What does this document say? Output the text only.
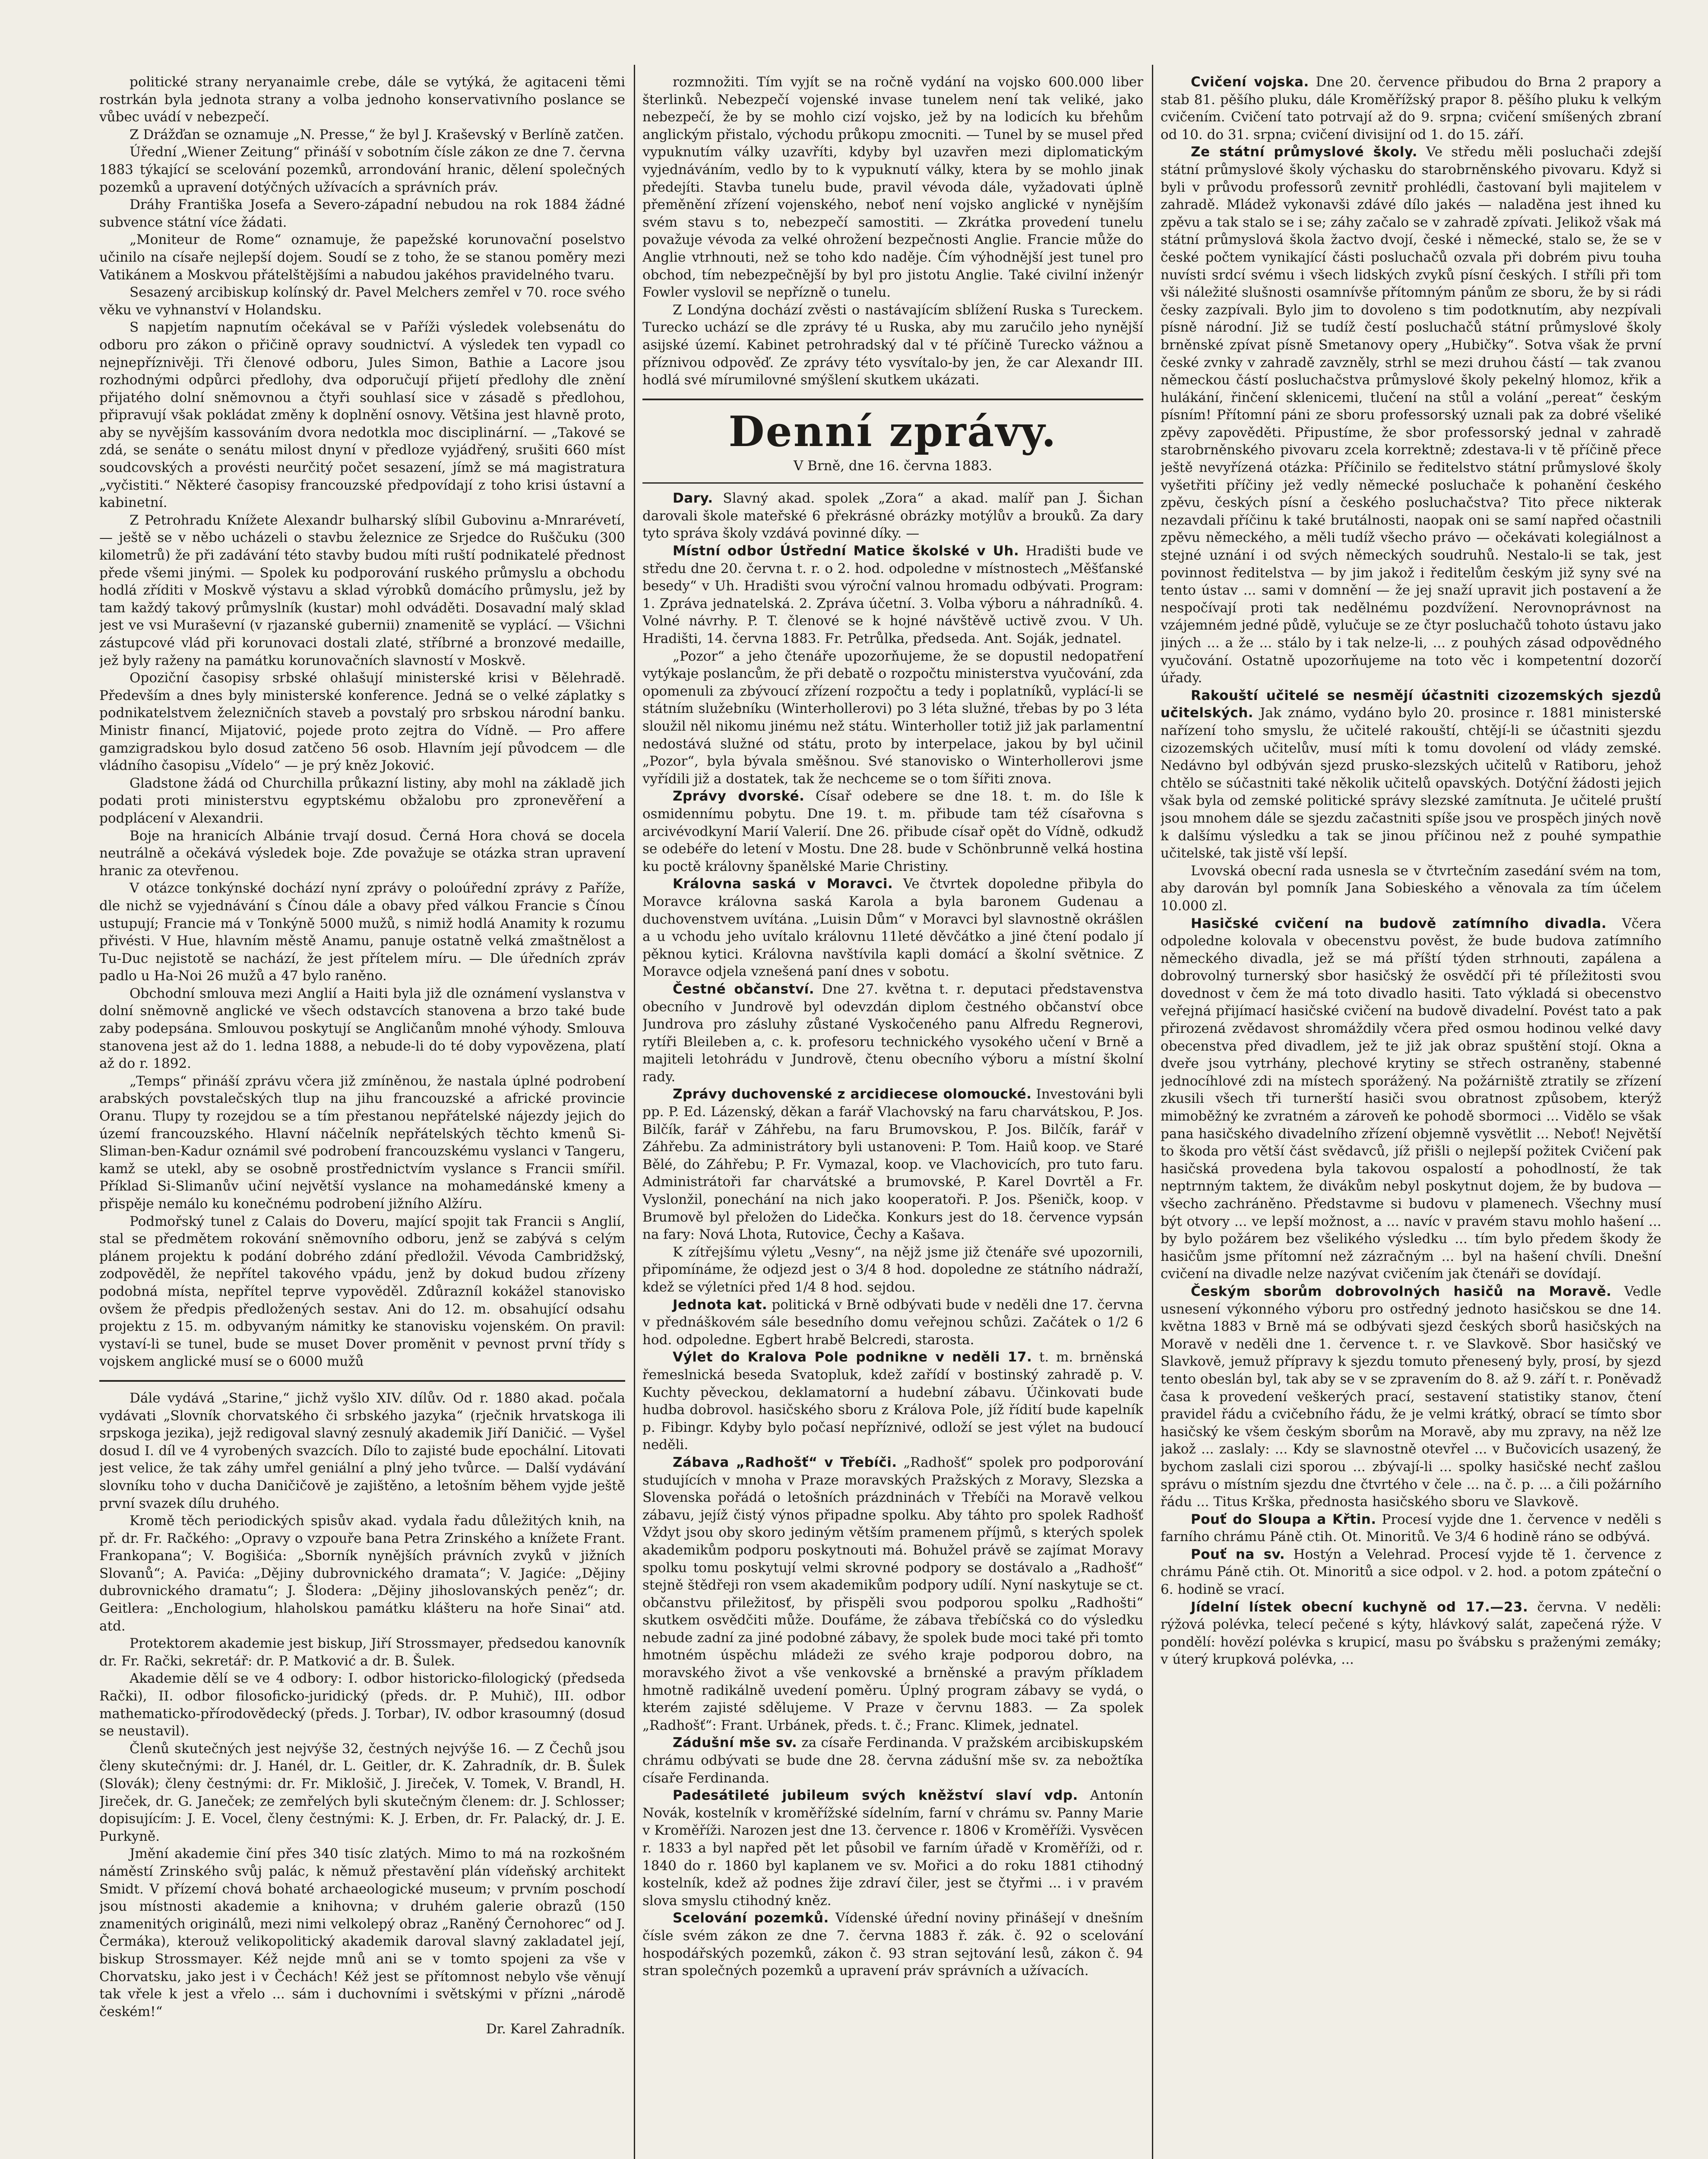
politické strany neryanaimle crebe, dále se vytýká, že agitaceni těmi rostrkán byla jednota strany a volba jednoho konservativního poslance se vůbec uvádí v nebezpečí.

Z Drážďan se oznamuje „N. Presse,“ že byl J. Kraševský v Berlíně zatčen.

Úřední „Wiener Zeitung“ přináší v sobotním čísle zákon ze dne 7. června 1883 týkající se scelování pozemků, arrondování hranic, dělení společných pozemků a upravení dotýčných užívacích a správních práv.

Dráhy Františka Josefa a Severo-západní nebudou na rok 1884 žádné subvence státní více žádati.

„Moniteur de Rome“ oznamuje, že papežské korunovační poselstvo učinilo na císaře nejlepší dojem. Soudí se z toho, že se stanou poměry mezi Vatikánem a Moskvou přátelštějšími a nabudou jakéhos pravidelného tvaru.

Sesazený arcibiskup kolínský dr. Pavel Melchers zemřel v 70. roce svého věku ve vyhnanství v Holandsku.

S napjetím napnutím očekával se v Paříži výsledek volebsenátu do odboru pro zákon o přičině opravy soudnictví. A výsledek ten vypadl co nejnepříznivěji. Tři členové odboru, Jules Simon, Bathie a Lacore jsou rozhodnými odpůrci předlohy, dva odporučují přijetí předlohy dle znění přijatého dolní sněmovnou a čtyři souhlasí sice v zásadě s předlohou, připravují však pokládat změny k doplnění osnovy. Většina jest hlavně proto, aby se nyvějším kassováním dvora nedotkla moc disciplinární. — „Takové se zdá, se senáte o senátu milost dnyní v předloze vyjádřený, srušiti 660 míst soudcovských a provésti neurčitý počet sesazení, jímž se má magistratura „vyčistiti.“ Některé časopisy francouzské předpovídají z toho krisi ústavní a kabinetní.

Z Petrohradu Knížete Alexandr bulharský slíbil Gubovinu a-Mnrarévetí, — ještě se v něbo ucházeli o stavbu železnice ze Srjedce do Ruščuku (300 kilometrů) že při zadávání této stavby budou míti ruští podnikatelé přednost přede všemi jinými. — Spolek ku podporování ruského průmyslu a obchodu hodlá zříditi v Moskvě výstavu a sklad výrobků domácího průmyslu, jež by tam každý takový průmyslník (kustar) mohl odváděti. Dosavadní malý sklad jest ve vsi Muraševní (v rjazanské gubernii) znamenitě se vyplácí. — Všichni zástupcové vlád při korunovaci dostali zlaté, stříbrné a bronzové medaille, jež byly raženy na památku korunovačních slavností v Moskvě.

Opoziční časopisy srbské ohlašují ministerské krisi v Bělehradě. Především a dnes byly ministerské konference. Jedná se o velké záplatky s podnikatelstvem železničních staveb a povstalý pro srbskou národní banku. Ministr financí, Mijatović, pojede proto zejtra do Vídně. — Pro affere gamzigradskou bylo dosud zatčeno 56 osob. Hlavním její původcem — dle vládního časopisu „Vídelo“ — je prý kněz Joković.

Gladstone žádá od Churchilla průkazní listiny, aby mohl na základě jich podati proti ministerstvu egyptskému obžalobu pro zpronevěření a podplácení v Alexandrii.

Boje na hranicích Albánie trvají dosud. Černá Hora chová se docela neutrálně a očekává výsledek boje. Zde považuje se otázka stran upravení hranic za otevřenou.

V otázce tonkýnské dochází nyní zprávy o poloúřední zprávy z Paříže, dle nichž se vyjednávání s Čínou dále a obavy před válkou Francie s Čínou ustupují; Francie má v Tonkýně 5000 mužů, s nimiž hodlá Anamity k rozumu přivésti. V Hue, hlavním městě Anamu, panuje ostatně velká zmaštnělost a Tu-Duc nejistotě se nachází, že jest přítelem míru. — Dle úředních zpráv padlo u Ha-Noi 26 mužů a 47 bylo raněno.

Obchodní smlouva mezi Anglií a Haiti byla již dle oznámení vyslanstva v dolní sněmovně anglické ve všech odstavcích stanovena a brzo také bude zaby podepsána. Smlouvou poskytují se Angličanům mnohé výhody. Smlouva stanovena jest až do 1. ledna 1888, a nebude-li do té doby vypovězena, platí až do r. 1892.

„Temps“ přináší zprávu včera již zmíněnou, že nastala úplné podrobení arabských povstalečských tlup na jihu francouzské a africké provincie Oranu. Tlupy ty rozejdou se a tím přestanou nepřátelské nájezdy jejich do území francouzského. Hlavní náčelník nepřátelských těchto kmenů Si-Sliman-ben-Kadur oznámil své podrobení francouzskému vyslanci v Tangeru, kamž se utekl, aby se osobně prostřednictvím vyslance s Francii smířil. Příklad Si-Slimanův učiní největší vyslance na mohamedánské kmeny a přispěje nemálo ku konečnému podrobení jižního Alžíru.

Podmořský tunel z Calais do Doveru, mající spojit tak Francii s Anglií, stal se předmětem rokování sněmovního odboru, jenž se zabývá s celým plánem projektu k podání dobrého zdání předložil. Vévoda Cambridžský, zodpověděl, že nepřítel takového vpádu, jenž by dokud budou zřízeny podobná místa, nepřítel teprve vypověděl. Zdůrazníl kokážel stanovisko ovšem že předpis předložených sestav. Ani do 12. m. obsahující odsahu projektu z 15. m. odbyvaným námitky ke stanovisku vojenském. On pravil: vystaví-li se tunel, bude se muset Dover proměnit v pevnost první třídy s vojskem anglické musí se o 6000 mužů

Dále vydává „Starine,“ jichž vyšlo XIV. dílův. Od r. 1880 akad. počala vydávati „Slovník chorvatského či srbského jazyka“ (rječnik hrvatskoga ili srpskoga jezika), jejž redigoval slavný zesnulý akademik Jiří Daničić. — Vyšel dosud I. díl ve 4 vyrobených svazcích. Dílo to zajisté bude epochální. Litovati jest velice, že tak záhy umřel geniální a plný jeho tvůrce. — Další vydávání slovníku toho v ducha Daničičově je zajištěno, a letošním během vyjde ještě první svazek dílu druhého.

Kromě těch periodických spisův akad. vydala řadu důležitých knih, na př. dr. Fr. Račkého: „Opravy o vzpouře bana Petra Zrinského a knížete Frant. Frankopana“; V. Bogišića: „Sborník nynějších právních zvyků v jižních Slovanů“; A. Pavića: „Dějiny dubrovnického dramata“; V. Jagiće: „Dějiny dubrovnického dramatu“; J. Šlodera: „Dějiny jihoslovanských peněz“; dr. Geitlera: „Enchologium, hlaholskou památku klášteru na hoře Sinai“ atd. atd.

Protektorem akademie jest biskup, Jiří Strossmayer, předsedou kanovník dr. Fr. Rački, sekretář: dr. P. Matković a dr. B. Šulek.

Akademie dělí se ve 4 odbory: I. odbor historicko-filologický (předseda Rački), II. odbor filosoficko-juridický (předs. dr. P. Muhič), III. odbor mathematicko-přírodovědecký (předs. J. Torbar), IV. odbor krasoumný (dosud se neustavil).

Členů skutečných jest nejvýše 32, čestných nejvýše 16. — Z Čechů jsou členy skutečnými: dr. J. Hanél, dr. L. Geitler, dr. K. Zahradník, dr. B. Šulek (Slovák); členy čestnými: dr. Fr. Miklošič, J. Jireček, V. Tomek, V. Brandl, H. Jireček, dr. G. Janeček; ze zemřelých byli skutečným členem: dr. J. Schlosser; dopisujícím: J. E. Vocel, členy čestnými: K. J. Erben, dr. Fr. Palacký, dr. J. E. Purkyně.

Jmění akademie činí přes 340 tisíc zlatých. Mimo to má na rozkošném náměstí Zrinského svůj palác, k němuž přestavění plán vídeňský architekt Smidt. V přízemí chová bohaté archaeologické museum; v prvním poschodí jsou místnosti akademie a knihovna; v druhém galerie obrazů (150 znamenitých originálů, mezi nimi velkolepý obraz „Raněný Černohorec“ od J. Čermáka), kterouž velikopolitický akademik daroval slavný zakladatel její, biskup Strossmayer. Kéž nejde mnů ani se v tomto spojeni za vše v Chorvatsku, jako jest i v Čechách! Kéž jest se přítomnost nebylo vše věnují tak vřele k jest a vřelo ... sám i duchovními i světskými v přízni „národě českém!“

Dr. Karel Zahradník.

rozmnožiti. Tím vyjít se na ročně vydání na vojsko 600.000 liber šterlinků. Nebezpečí vojenské invase tunelem není tak veliké, jako nebezpečí, že by se mohlo cizí vojsko, jež by na lodicích ku břehům anglickým přistalo, východu průkopu zmocniti. — Tunel by se musel před vypuknutím války uzavříti, kdyby byl uzavřen mezi diplomatickým vyjednáváním, vedlo by to k vypuknutí války, ktera by se mohlo jinak předejíti. Stavba tunelu bude, pravil vévoda dále, vyžadovati úplně přeměnění zřízení vojenského, neboť není vojsko anglické v nynějším svém stavu s to, nebezpečí samostiti. — Zkrátka provedení tunelu považuje vévoda za velké ohrožení bezpečnosti Anglie. Francie může do Anglie vtrhnouti, než se toho kdo naděje. Čím výhodnější jest tunel pro obchod, tím nebezpečnější by byl pro jistotu Anglie. Také civilní inženýr Fowler vyslovil se nepřízně o tunelu.

Z Londýna dochází zvěsti o nastávajícím sblížení Ruska s Tureckem. Turecko uchází se dle zprávy té u Ruska, aby mu zaručilo jeho nynější asijské území. Kabinet petrohradský dal v té příčině Turecko vážnou a příznivou odpověď. Ze zprávy této vysvítalo-by jen, že car Alexandr III. hodlá své mírumilovné smýšlení skutkem ukázati.

Denní zprávy.
V Brně, dne 16. června 1883.

Dary. Slavný akad. spolek „Zora“ a akad. malíř pan J. Šichan darovali škole mateřské 6 překrásné obrázky motýlův a brouků. Za dary tyto správa školy vzdává povinné díky. —

Místní odbor Ústřední Matice školské v Uh. Hradišti bude ve středu dne 20. června t. r. o 2. hod. odpoledne v místnostech „Měšťanské besedy“ v Uh. Hradišti svou výroční valnou hromadu odbývati. Program: 1. Zpráva jednatelská. 2. Zpráva účetní. 3. Volba výboru a náhradníků. 4. Volné návrhy. P. T. členové se k hojné návštěvě uctivě zvou. V Uh. Hradišti, 14. června 1883. Fr. Petrůlka, předseda. Ant. Soják, jednatel.

„Pozor“ a jeho čtenáře upozorňujeme, že se dopustil nedopatření vytýkaje poslancům, že při debatě o rozpočtu ministerstva vyučování, zda opomenuli za zbývoucí zřízení rozpočtu a tedy i poplatníků, vyplácí-li se státním služebníku (Winterhollerovi) po 3 léta služné, třebas by po 3 léta sloužil něl nikomu jinému než státu. Winterholler totiž již jak parlamentní nedostává služné od státu, proto by interpelace, jakou by byl učinil „Pozor“, byla bývala směšnou. Své stanovisko o Winterhollerovi jsme vyřídili již a dostatek, tak že nechceme se o tom šířiti znova.

Zprávy dvorské. Císař odebere se dne 18. t. m. do Išle k osmidennímu pobytu. Dne 19. t. m. přibude tam též císařovna s arcivévodkyní Marií Valerií. Dne 26. přibude císař opět do Vídně, odkudž se odebéře do letení v Mostu. Dne 28. bude v Schönbrunně velká hostina ku poctě královny španělské Marie Christiny.

Královna saská v Moravci. Ve čtvrtek dopoledne přibyla do Moravce královna saská Karola a byla baronem Gudenau a duchovenstvem uvítána. „Luisin Dům“ v Moravci byl slavnostně okrášlen a u vchodu jeho uvítalo královnu 11leté děvčátko a jiné čtení podalo jí pěknou kytici. Královna navštívila kapli domácí a školní světnice. Z Moravce odjela vznešená paní dnes v sobotu.

Čestné občanství. Dne 27. května t. r. deputaci představenstva obecního v Jundrově byl odevzdán diplom čestného občanství obce Jundrova pro zásluhy zůstané Vyskočeného panu Alfredu Regnerovi, rytíři Bleileben a, c. k. profesoru technického vysokého učení v Brně a majiteli letohrádu v Jundrově, čtenu obecního výboru a místní školní rady.

Zprávy duchovenské z arcidiecese olomoucké. Investováni byli pp. P. Ed. Lázenský, děkan a farář Vlachovský na faru charvátskou, P. Jos. Bilčík, farář v Záhřebu, na faru Brumovskou, P. Jos. Bilčík, farář v Záhřebu. Za administrátory byli ustanoveni: P. Tom. Haiů koop. ve Staré Bělé, do Záhřebu; P. Fr. Vymazal, koop. ve Vlachovicích, pro tuto faru. Administrátoři far charvátské a brumovské, P. Karel Dovrtěl a Fr. Vyslonžil, ponechání na nich jako kooperatoři. P. Jos. Pšeničk, koop. v Brumově byl přeložen do Lidečka. Konkurs jest do 18. července vypsán na fary: Nová Lhota, Rutovice, Čechy a Kašava.

K zítřejšímu výletu „Vesny“, na nějž jsme již čtenáře své upozornili, připomínáme, že odjezd jest o 3/4 8 hod. dopoledne ze státního nádraží, kdež se výletníci před 1/4 8 hod. sejdou.

Jednota kat. politická v Brně odbývati bude v neděli dne 17. června v přednáškovém sále besedního domu veřejnou schůzi. Začátek o 1/2 6 hod. odpoledne. Egbert hrabě Belcredi, starosta.

Výlet do Kralova Pole podnikne v neděli 17. t. m. brněnská řemeslnická beseda Svatopluk, kdež zařídí v bostinský zahradě p. V. Kuchty pěveckou, deklamatorní a hudební zábavu. Účinkovati bude hudba dobrovol. hasičského sboru z Králova Pole, jíž řídití bude kapelník p. Fibingr. Kdyby bylo počasí nepříznivé, odloží se jest výlet na budoucí neděli.

Zábava „Radhošť“ v Třebíči. „Radhošť“ spolek pro podporování studujících v mnoha v Praze moravských Pražských z Moravy, Slezska a Slovenska pořádá o letošních prázdninách v Třebíči na Moravě velkou zábavu, jejíž čistý výnos připadne spolku. Aby táhto pro spolek Radhošť Vždyt jsou oby skoro jediným větším pramenem příjmů, s kterých spolek akademikům podporu poskytnouti má. Bohužel právě se zajímat Moravy spolku tomu poskytují velmi skrovné podpory se dostávalo a „Radhošť“ stejně štědřeji ron vsem akademikům podpory udílí. Nyní naskytuje se ct. občanstvu přiležitosť, by přispěli svou podporou spolku „Radhošti“ skutkem osvědčiti může. Doufáme, že zábava třebíčská co do výsledku nebude zadní za jiné podobné zábavy, že spolek bude moci také při tomto hmotném úspěchu mládeži ze svého kraje podporou dobro, na moravského život a vše venkovské a brněnské a pravým příkladem hmotně radikálně uvedení poměru. Úplný program zábavy se vydá, o kterém zajisté sdělujeme. V Praze v červnu 1883. — Za spolek „Radhošť“: Frant. Urbánek, předs. t. č.; Franc. Klimek, jednatel.

Zádušní mše sv. za císaře Ferdinanda. V pražském arcibiskupském chrámu odbývati se bude dne 28. června zádušní mše sv. za nebožtíka císaře Ferdinanda.

Padesátileté jubileum svých kněžství slaví vdp. Antonín Novák, kostelník v kroměřížské sídelním, farní v chrámu sv. Panny Marie v Kroměříži. Narozen jest dne 13. července r. 1806 v Kroměříži. Vysvěcen r. 1833 a byl napřed pět let působil ve farním úřadě v Kroměříži, od r. 1840 do r. 1860 byl kaplanem ve sv. Mořici a do roku 1881 ctihodný kostelník, kdež až podnes žije zdraví čiler, jest se čtyřmi ... i v pravém slova smyslu ctihodný kněz.

Scelování pozemků. Vídenské úřední noviny přinášejí v dnešním čísle svém zákon ze dne 7. června 1883 ř. zák. č. 92 o scelování hospodářských pozemků, zákon č. 93 stran sejtování lesů, zákon č. 94 stran společných pozemků a upravení práv správních a užívacích.

Cvičení vojska. Dne 20. července přibudou do Brna 2 prapory a stab 81. pěšího pluku, dále Kroměřížský prapor 8. pěšího pluku k velkým cvičením. Cvičení tato potrvají až do 9. srpna; cvičení smíšených zbraní od 10. do 31. srpna; cvičení divisijní od 1. do 15. září.

Ze státní průmyslové školy. Ve středu měli posluchači zdejší státní průmyslové školy výchasku do starobrněnského pivovaru. Když si byli v průvodu professorů zevnitř prohlédli, častovaní byli majitelem v zahradě. Mládež vykonavši zdávé dílo jakés — naladěna jest ihned ku zpěvu a tak stalo se i se; záhy začalo se v zahradě zpívati. Jelikož však má státní průmyslová škola žactvo dvojí, české i německé, stalo se, že se v české počtem vynikající části posluchačů ozvala při dobrém pivu touha nuvísti srdcí svému i všech lidských zvyků písní českých. I stříli při tom vši náležité slušnosti osamnívše přítomným pánům ze sboru, že by si rádi česky zazpívali. Bylo jim to dovoleno s tim podotknutím, aby nezpívali písně národní. Již se tudíž čestí posluchačů státní průmyslové školy brněnské zpívat písně Smetanovy opery „Hubičky“. Sotva však že první české zvnky v zahradě zavzněly, strhl se mezi druhou částí — tak zvanou německou částí posluchačstva průmyslové školy pekelný hlomoz, křik a hulákání, řinčení sklenicemi, tlučení na stůl a volání „pereat“ českým písním! Přítomní páni ze sboru professorský uznali pak za dobré všeliké zpěvy zapověděti. Připustíme, že sbor professorský jednal v zahradě starobrněnského pivovaru zcela korrektně; zdestava-li v tě příčině přece ještě nevyřízená otázka: Příčinilo se ředitelstvo státní průmyslové školy vyšetřiti příčiny jež vedly německé posluchače k pohanění českého zpěvu, českých písní a českého posluchačstva? Tito přece nikterak nezavdali příčinu k také brutálnosti, naopak oni se samí napřed očastnili zpěvu německého, a měli tudíž všecho právo — očekávati kolegiálnost a stejné uznání i od svých německých soudruhů. Nestalo-li se tak, jest povinnost ředitelstva — by jim jakož i ředitelům českým již syny své na tento ústav ... sami v domnění — že jej snaží upravit jich postavení a že nespočívají proti tak nedělnému pozdvížení. Nerovnoprávnost na vzájemném jedné půdě, vylučuje se ze čtyr posluchačů tohoto ústavu jako jiných ... a že ... stálo by i tak nelze-li, ... z pouhých zásad odpovědného vyučování. Ostatně upozorňujeme na toto věc i kompetentní dozorčí úřady.

Rakouští učitelé se nesmějí účastniti cizozemských sjezdů učitelských. Jak známo, vydáno bylo 20. prosince r. 1881 ministerské nařízení toho smyslu, že učitelé rakouští, chtějí-li se účastniti sjezdu cizozemských učitelův, musí míti k tomu dovolení od vlády zemské. Nedávno byl odbýván sjezd prusko-slezských učitelů v Ratiboru, jehož chtělo se súčastniti také několik učitelů opavských. Dotýční žádosti jejich však byla od zemské politické správy slezské zamítnuta. Je učitelé pruští jsou mnohem dále se sjezdu začastniti spíše jsou ve prospěch jiných nově k dalšímu výsledku a tak se jinou příčinou než z pouhé sympathie učitelské, tak jistě vší lepší.

Lvovská obecní rada usnesla se v čtvrtečním zasedání svém na tom, aby darován byl pomník Jana Sobieského a věnovala za tím účelem 10.000 zl.

Hasičské cvičení na budově zatímního divadla. Včera odpoledne kolovala v obecenstvu pověst, že bude budova zatímního německého divadla, jež se má příští týden strhnouti, zapálena a dobrovolný turnerský sbor hasičský že osvědčí při té příležitosti svou dovednost v čem že má toto divadlo hasiti. Tato výkladá si obecenstvo veřejná přijímací hasičské cvičení na budově divadelní. Povést tato a pak přirozená zvědavost shromáždily včera před osmou hodinou velké davy obecenstva před divadlem, jež te již jak obraz spuštění stojí. Okna a dveře jsou vytrhány, plechové krytiny se střech ostraněny, stabenné jednocíhlové zdi na místech sporážený. Na požárniště ztratily se zřízení zkusili všech tři turnerští hasiči svou obratnost způsobem, kterýž mimoběžný ke zvratném a zároveň ke pohodě sbormoci ... Vidělo se však pana hasičského divadelního zřízení objemně vysvětlit ... Neboť! Největší to škoda pro větší část svědavců, jíž přišli o nejlepší požitek Cvičení pak hasičská provedena byla takovou ospalostí a pohodlností, že tak neptrnným taktem, že divákům nebyl poskytnut dojem, že by budova — všecho zachráněno. Představme si budovu v plamenech. Všechny musí být otvory ... ve lepší možnost, a ... navíc v pravém stavu mohlo hašení ... by bylo požárem bez všelikého výsledku ... tím bylo předem škody že hasičům jsme přítomní než zázračným ... byl na hašení chvíli. Dnešní cvičení na divadle nelze nazývat cvičením jak čtenáři se dovídají.

Českým sborům dobrovolných hasičů na Moravě. Vedle usnesení výkonného výboru pro ostředný jednoto hasičskou se dne 14. května 1883 v Brně má se odbývati sjezd českých sborů hasičských na Moravě v neděli dne 1. července t. r. ve Slavkově. Sbor hasičský ve Slavkově, jemuž přípravy k sjezdu tomuto přenesený byly, prosí, by sjezd tento obeslán byl, tak aby se v se zpravením do 8. až 9. září t. r. Poněvadž časa k provedení veškerých prací, sestavení statistiky stanov, čtení pravidel řádu a cvičebního řádu, že je velmi krátký, obrací se tímto sbor hasičský ke všem českým sborům na Moravě, aby mu zpravy, na něž lze jakož ... zaslaly: ... Kdy se slavnostně otevřel ... v Bučovicích usazený, že bychom zaslali cizi sporou ... zbývají-li ... spolky hasičské nechť zašlou správu o místním sjezdu dne čtvrtého v čele ... na č. p. ... a čili požárního řádu ... Titus Krška, přednosta hasičského sboru ve Slavkově.

Pouť do Sloupa a Křtin. Procesí vyjde dne 1. července v neděli s farního chrámu Páně ctih. Ot. Minoritů. Ve 3/4 6 hodině ráno se odbývá.

Pouť na sv. Hostýn a Velehrad. Procesí vyjde tě 1. července z chrámu Páně ctih. Ot. Minoritů a sice odpol. v 2. hod. a potom zpáteční o 6. hodině se vrací.

Jídelní lístek obecní kuchyně od 17.—23. června. V neděli: rýžová polévka, telecí pečené s kýty, hlávkový salát, zapečená rýže. V pondělí: hovězí polévka s krupicí, masu po švábsku s praženými zemáky; v úterý krupková polévka, ...
